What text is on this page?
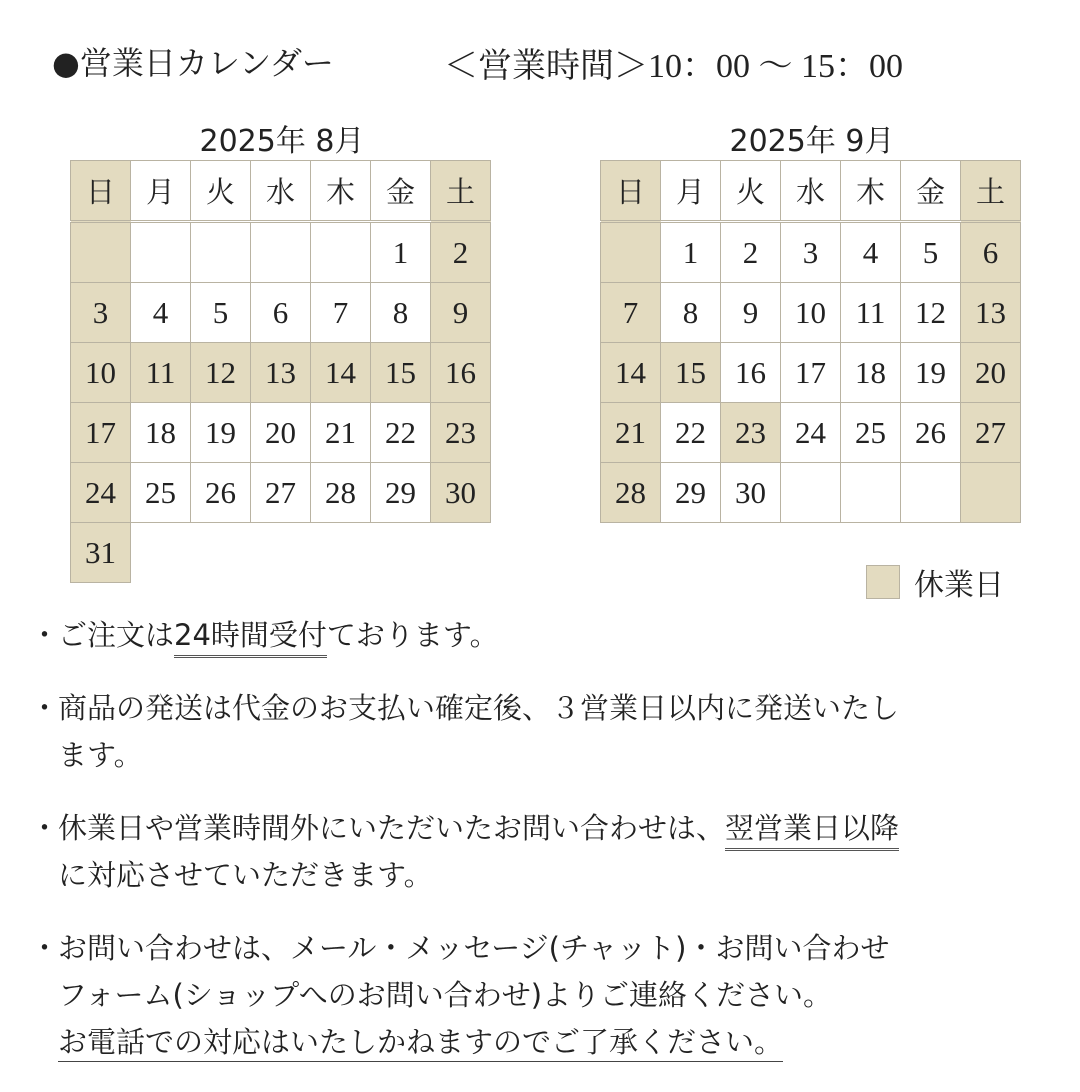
●営業日カレンダー	＜営業時間＞10：00 ～ 15：00
2025年 8月
日	月	火	水	木	金	土
					1	2
3	4	5	6	7	8	9
10	11	12	13	14	15	16
17	18	19	20	21	22	23
24	25	26	27	28	29	30
31						
2025年 9月
日	月	火	水	木	金	土
	1	2	3	4	5	6
7	8	9	10	11	12	13
14	15	16	17	18	19	20
21	22	23	24	25	26	27
28	29	30				
休業日
・
ご注文は24時間受付ております。
・
商品の発送は代金のお支払い確定後、３営業日以内に発送いたし
ます。
・
休業日や営業時間外にいただいたお問い合わせは、翌営業日以降
に対応させていただきます。
・
お問い合わせは、メール・メッセージ(チャット)・お問い合わせ
フォーム(ショップへのお問い合わせ)よりご連絡ください。
お電話での対応はいたしかねますのでご了承ください。
